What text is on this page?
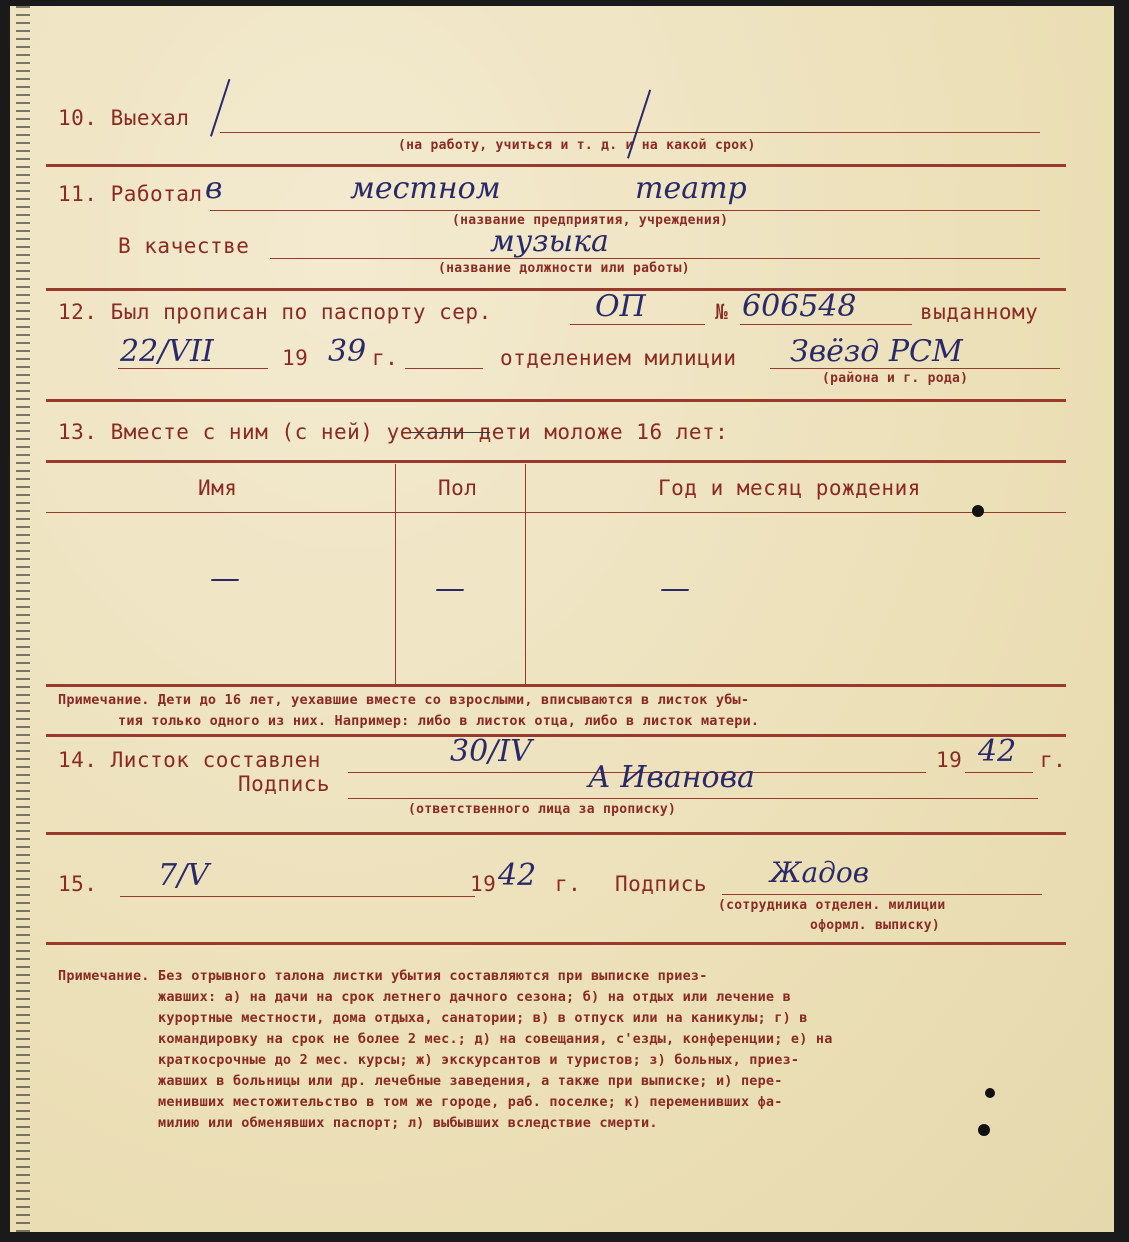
10. Выехал
(на работу, учиться и т. д. и на какой срок)
11. Работал в	местном	театр
(название предприятия, учреждения)
В качестве	музыка
(название должности или работы)
12. Был прописан по паспорту сер.	ОП	№ 606548	выданному
22/VII	19 39 г.	отделением милиции Звёзд РСМ
(района и г. рода)
13. Вместе с ним (с ней) уехали дети моложе 16 лет:
Имя	Пол	Год и месяц рождения
—	—	—
Примечание. Дети до 16 лет, уехавшие вместе со взрослыми, вписываются в листок убы-
тия только одного из них. Например: либо в листок отца, либо в листок матери.
14. Листок составлен	30/IV	19 42 г.
Подпись	А Иванова
(ответственного лица за прописку)
15. 7/V	19 42 г. Подпись Жадов
(сотрудника отделен. милиции
оформл. выписку)
Примечание. Без отрывного талона листки убытия составляются при выписке приез-
жавших: а) на дачи на срок летнего дачного сезона; б) на отдых или лечение в
курортные местности, дома отдыха, санатории; в) в отпуск или на каникулы; г) в
командировку на срок не более 2 мес.; д) на совещания, с'езды, конференции; е) на
краткосрочные до 2 мес. курсы; ж) экскурсантов и туристов; з) больных, приез-
жавших в больницы или др. лечебные заведения, а также при выписке; и) пере-
менивших местожительство в том же городе, раб. поселке; к) переменивших фа-
милию или обменявших паспорт; л) выбывших вследствие смерти.
